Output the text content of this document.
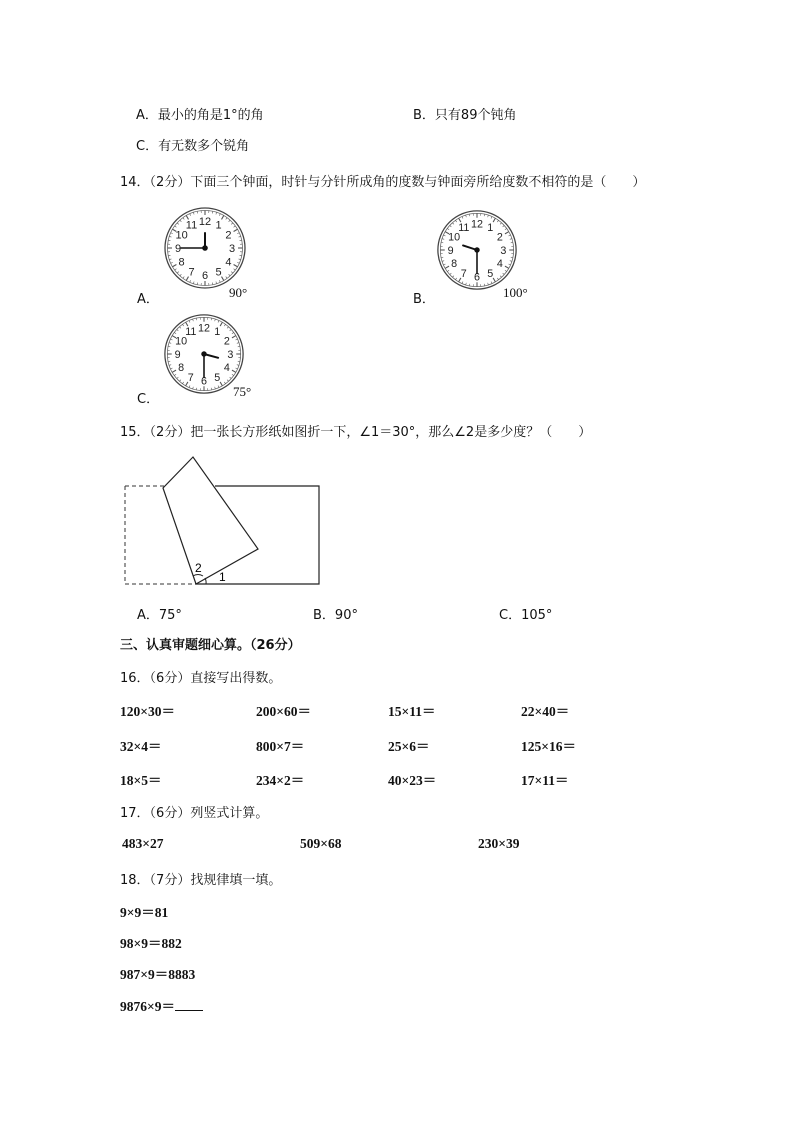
A．最小的角是1°的角	B．只有89个钝角
C．有无数多个锐角
14．（2分）下面三个钟面，时针与分针所成角的度数与钟面旁所给度数不相符的是（　　）
A．
12 1
2
3
4
5
6
7
8
9
10
11
90°	B．
12 1
2
3
4
5
6
7
8
9
10
11
100°
C．
12 1
2
3
4
5
6
7
8
9
10
11
75°
15．（2分）把一张长方形纸如图折一下，∠1＝30°，那么∠2是多少度？（　　）
1
2
A．75°	B．90°	C．105°
三、认真审题细心算。（26分）
16．（6分）直接写出得数。
120×30＝	200×60＝	15×11＝	22×40＝
32×4＝	800×7＝	25×6＝	125×16＝
18×5＝	234×2＝	40×23＝	17×11＝
17．（6分）列竖式计算。
483×27	509×68	230×39
18．（7分）找规律填一填。
9×9＝81
98×9＝882
987×9＝8883
9876×9＝
